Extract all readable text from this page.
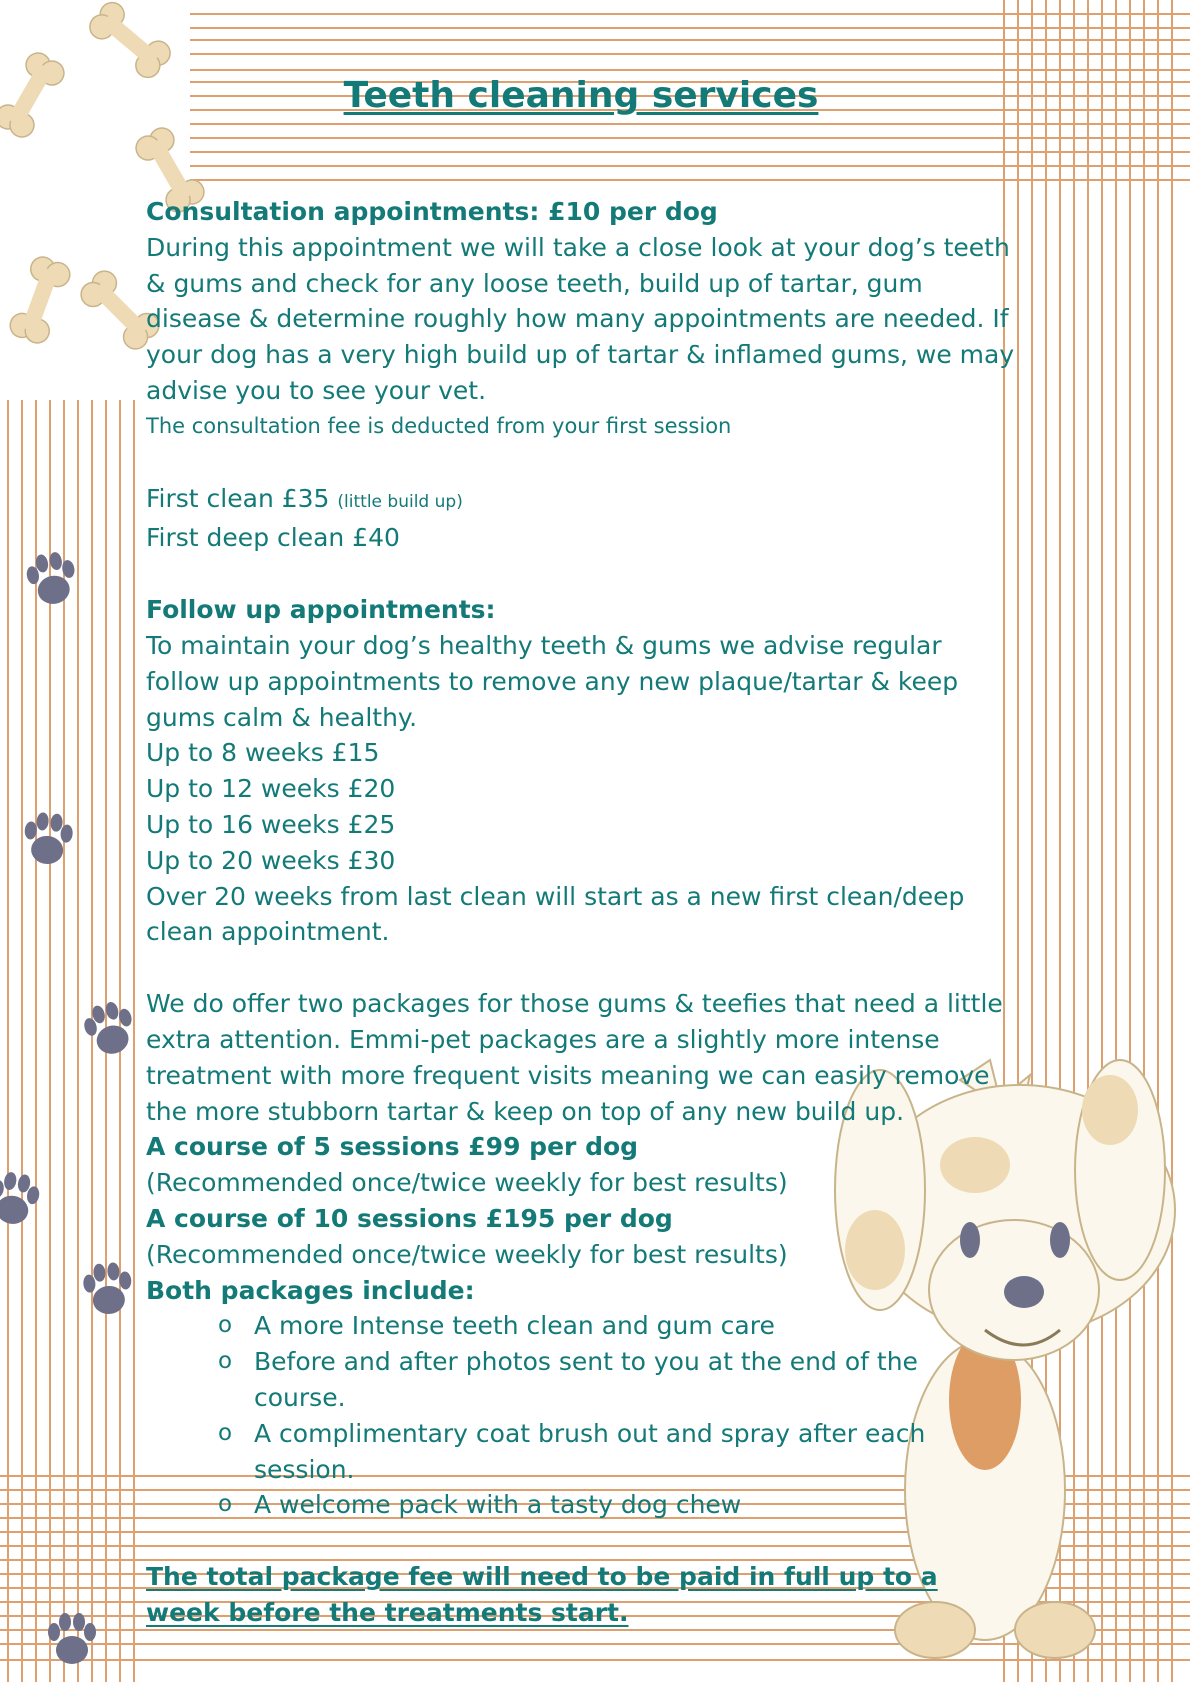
Teeth cleaning services

Consultation appointments: £10 per dog

During this appointment we will take a close look at your dog’s teeth & gums and check for any loose teeth, build up of tartar, gum disease & determine roughly how many appointments are needed. If your dog has a very high build up of tartar & inflamed gums, we may advise you to see your vet.

The consultation fee is deducted from your first session

First clean £35 (little build up)

First deep clean £40

Follow up appointments:

To maintain your dog’s healthy teeth & gums we advise regular follow up appointments to remove any new plaque/tartar & keep gums calm & healthy.

Up to 8 weeks £15

Up to 12 weeks £20

Up to 16 weeks £25

Up to 20 weeks £30

Over 20 weeks from last clean will start as a new first clean/deep clean appointment.

We do offer two packages for those gums & teefies that need a little extra attention. Emmi-pet packages are a slightly more intense treatment with more frequent visits meaning we can easily remove the more stubborn tartar & keep on top of any new build up.

A course of 5 sessions £99 per dog

(Recommended once/twice weekly for best results)

A course of 10 sessions £195 per dog

(Recommended once/twice weekly for best results)

Both packages include:

o A more Intense teeth clean and gum care
o Before and after photos sent to you at the end of the course.
o A complimentary coat brush out and spray after each session.
o A welcome pack with a tasty dog chew

The total package fee will need to be paid in full up to a week before the treatments start.
